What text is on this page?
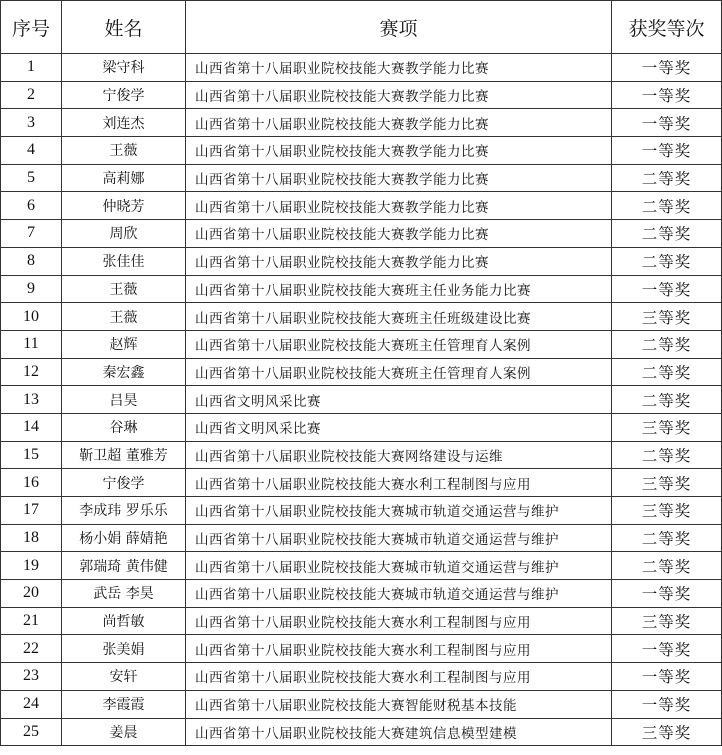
序号	姓名	赛项	获奖等次
1	梁守科	山西省第十八届职业院校技能大赛教学能力比赛	一等奖
2	宁俊学	山西省第十八届职业院校技能大赛教学能力比赛	一等奖
3	刘连杰	山西省第十八届职业院校技能大赛教学能力比赛	一等奖
4	王薇	山西省第十八届职业院校技能大赛教学能力比赛	一等奖
5	高莉娜	山西省第十八届职业院校技能大赛教学能力比赛	二等奖
6	仲晓芳	山西省第十八届职业院校技能大赛教学能力比赛	二等奖
7	周欣	山西省第十八届职业院校技能大赛教学能力比赛	二等奖
8	张佳佳	山西省第十八届职业院校技能大赛教学能力比赛	二等奖
9	王薇	山西省第十八届职业院校技能大赛班主任业务能力比赛	一等奖
10	王薇	山西省第十八届职业院校技能大赛班主任班级建设比赛	三等奖
11	赵辉	山西省第十八届职业院校技能大赛班主任管理育人案例	二等奖
12	秦宏鑫	山西省第十八届职业院校技能大赛班主任管理育人案例	二等奖
13	吕昊	山西省文明风采比赛	二等奖
14	谷琳	山西省文明风采比赛	三等奖
15	靳卫超 董雅芳	山西省第十八届职业院校技能大赛网络建设与运维	二等奖
16	宁俊学	山西省第十八届职业院校技能大赛水利工程制图与应用	三等奖
17	李成玮 罗乐乐	山西省第十八届职业院校技能大赛城市轨道交通运营与维护	三等奖
18	杨小娟 薛婧艳	山西省第十八届职业院校技能大赛城市轨道交通运营与维护	二等奖
19	郭瑞琦 黄伟健	山西省第十八届职业院校技能大赛城市轨道交通运营与维护	二等奖
20	武岳 李昊	山西省第十八届职业院校技能大赛城市轨道交通运营与维护	一等奖
21	尚哲敏	山西省第十八届职业院校技能大赛水利工程制图与应用	三等奖
22	张美娟	山西省第十八届职业院校技能大赛水利工程制图与应用	一等奖
23	安轩	山西省第十八届职业院校技能大赛水利工程制图与应用	一等奖
24	李霞霞	山西省第十八届职业院校技能大赛智能财税基本技能	一等奖
25	姜晨	山西省第十八届职业院校技能大赛建筑信息模型建模	三等奖
